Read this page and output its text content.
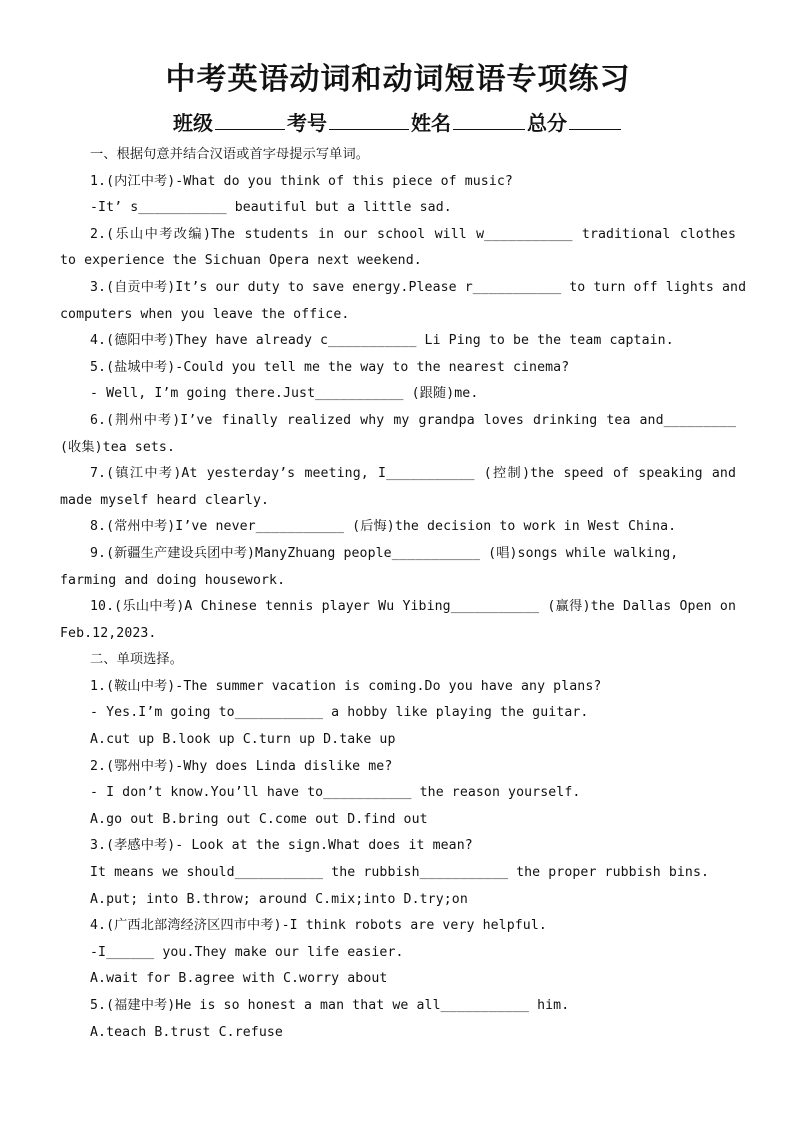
中考英语动词和动词短语专项练习
班级	考号	姓名	总分
一、根据句意并结合汉语或首字母提示写单词。
1.(内江中考)-What do you think of this piece of music?
-It’ s___________ beautiful but a little sad.
2.(乐山中考改编)The students in our school will w___________ traditional clothes
to experience the Sichuan Opera next weekend.
3.(自贡中考)It’s our duty to save energy.Please r___________ to turn off lights and
computers when you leave the office.
4.(德阳中考)They have already c___________ Li Ping to be the team captain.
5.(盐城中考)-Could you tell me the way to the nearest cinema?
- Well, I’m going there.Just___________ (跟随)me.
6.(荆州中考)I’ve finally realized why my grandpa loves drinking tea and_________
(收集)tea sets.
7.(镇江中考)At yesterday’s meeting, I___________ (控制)the speed of speaking and
made myself heard clearly.
8.(常州中考)I’ve never___________ (后悔)the decision to work in West China.
9.(新疆生产建设兵团中考)ManyZhuang people___________ (唱)songs while walking,
farming and doing housework.
10.(乐山中考)A Chinese tennis player Wu Yibing___________ (赢得)the Dallas Open on
Feb.12,2023.
二、单项选择。
1.(鞍山中考)-The summer vacation is coming.Do you have any plans?
- Yes.I’m going to___________ a hobby like playing the guitar.
A.cut up B.look up C.turn up D.take up
2.(鄂州中考)-Why does Linda dislike me?
- I don’t know.You’ll have to___________ the reason yourself.
A.go out B.bring out C.come out D.find out
3.(孝感中考)- Look at the sign.What does it mean?
It means we should___________ the rubbish___________ the proper rubbish bins.
A.put; into B.throw; around C.mix;into D.try;on
4.(广西北部湾经济区四市中考)-I think robots are very helpful.
-I______ you.They make our life easier.
A.wait for B.agree with C.worry about
5.(福建中考)He is so honest a man that we all___________ him.
A.teach B.trust C.refuse
